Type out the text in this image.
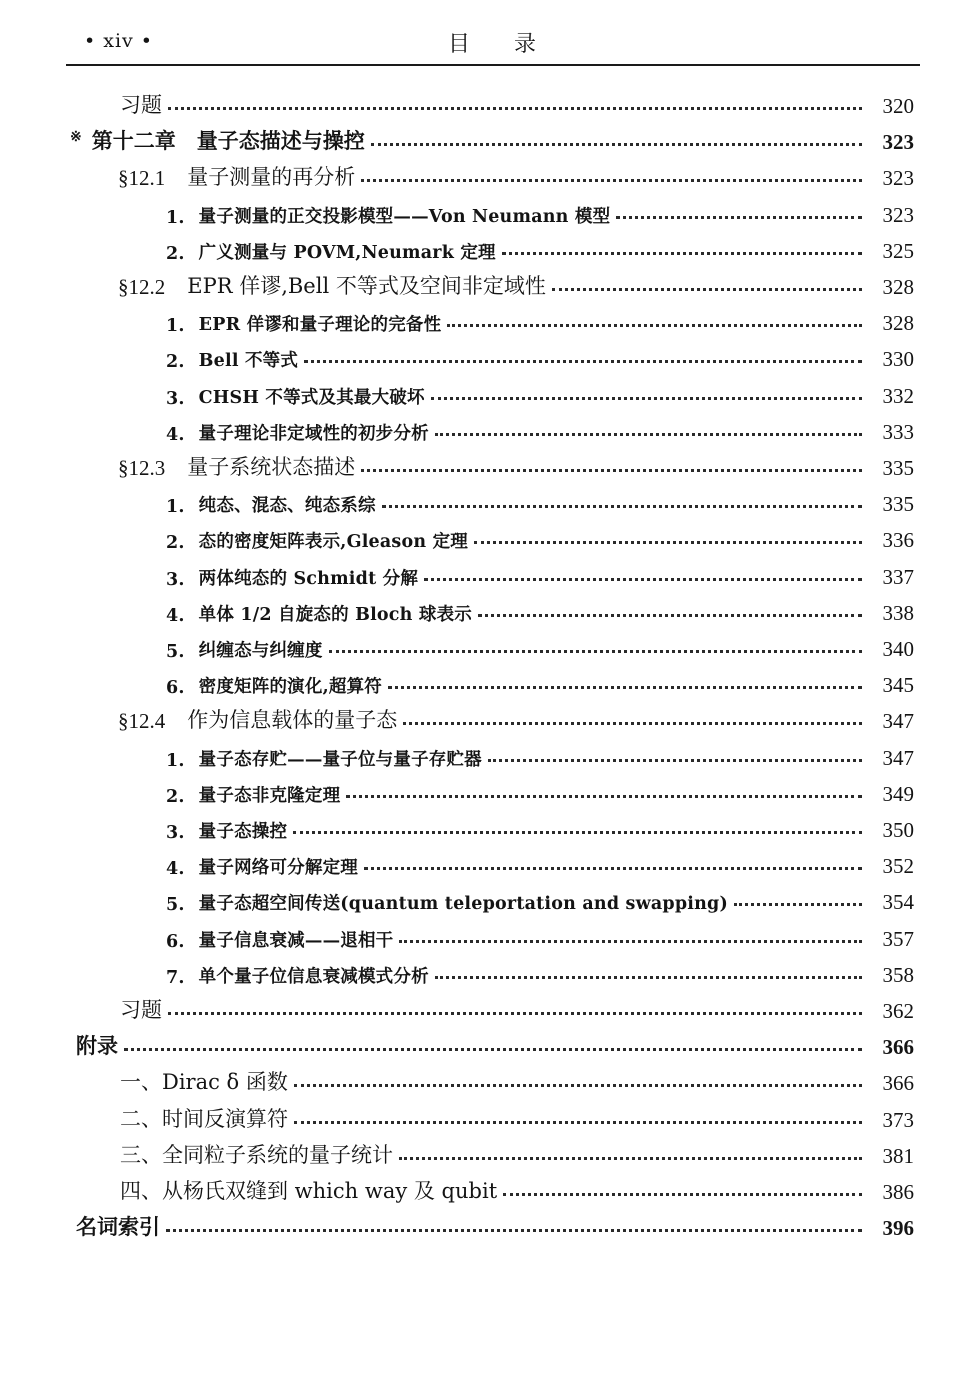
• xiv •	目录
习题	320
※ 第十二章　量子态描述与操控	323
§12.1 量子测量的再分析	323
1. 量子测量的正交投影模型——Von Neumann 模型	323
2. 广义测量与 POVM,Neumark 定理	325
§12.2 EPR 佯谬,Bell 不等式及空间非定域性	328
1. EPR 佯谬和量子理论的完备性	328
2. Bell 不等式	330
3. CHSH 不等式及其最大破坏	332
4. 量子理论非定域性的初步分析	333
§12.3 量子系统状态描述	335
1. 纯态、混态、纯态系综	335
2. 态的密度矩阵表示,Gleason 定理	336
3. 两体纯态的 Schmidt 分解	337
4. 单体 1/2 自旋态的 Bloch 球表示	338
5. 纠缠态与纠缠度	340
6. 密度矩阵的演化,超算符	345
§12.4 作为信息载体的量子态	347
1. 量子态存贮——量子位与量子存贮器	347
2. 量子态非克隆定理	349
3. 量子态操控	350
4. 量子网络可分解定理	352
5. 量子态超空间传送(quantum teleportation and swapping)	354
6. 量子信息衰减——退相干	357
7. 单个量子位信息衰减模式分析	358
习题	362
附录	366
一、Dirac δ 函数	366
二、时间反演算符	373
三、全同粒子系统的量子统计	381
四、从杨氏双缝到 which way 及 qubit	386
名词索引	396
